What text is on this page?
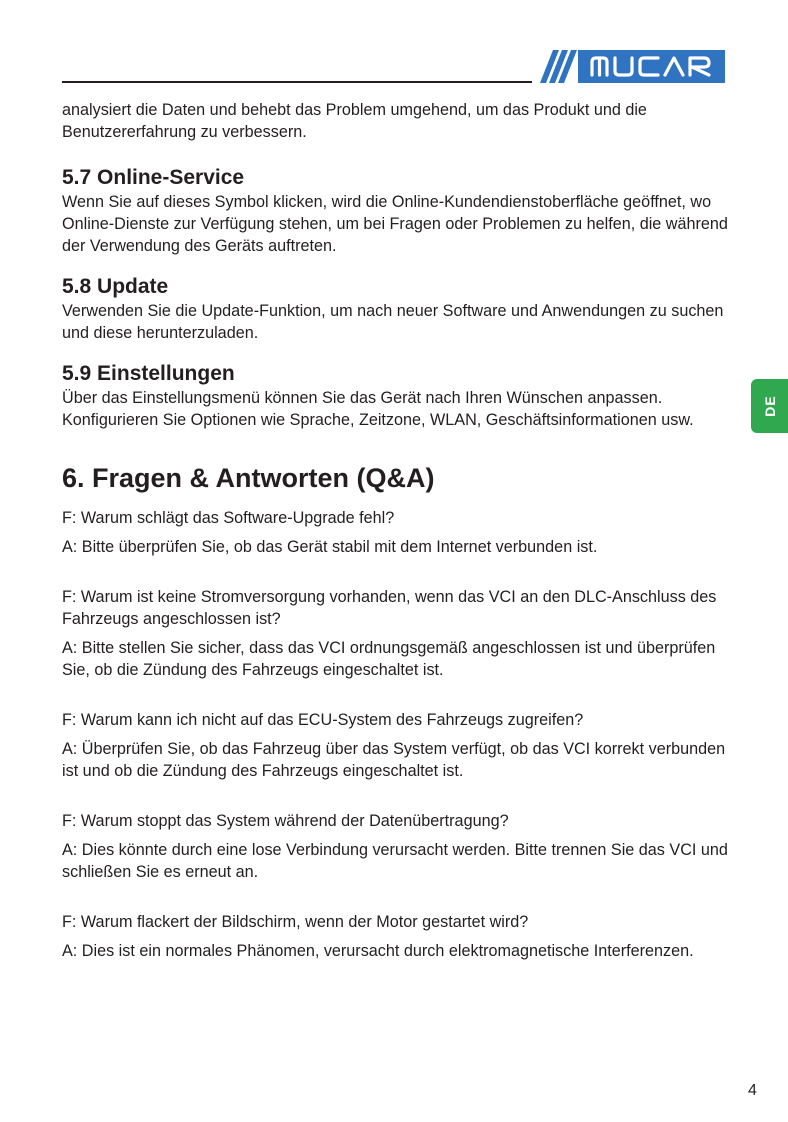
MUCAR

analysiert die Daten und behebt das Problem umgehend, um das Produkt und die Benutzererfahrung zu verbessern.

5.7 Online-Service

Wenn Sie auf dieses Symbol klicken, wird die Online-Kundendienstoberfläche geöffnet, wo Online-Dienste zur Verfügung stehen, um bei Fragen oder Problemen zu helfen, die während der Verwendung des Geräts auftreten.

5.8 Update

Verwenden Sie die Update-Funktion, um nach neuer Software und Anwendungen zu suchen und diese herunterzuladen.

5.9 Einstellungen

Über das Einstellungsmenü können Sie das Gerät nach Ihren Wünschen anpassen. Konfigurieren Sie Optionen wie Sprache, Zeitzone, WLAN, Geschäftsinformationen usw.

6. Fragen & Antworten (Q&A)

F: Warum schlägt das Software-Upgrade fehl?

A: Bitte überprüfen Sie, ob das Gerät stabil mit dem Internet verbunden ist.

F: Warum ist keine Stromversorgung vorhanden, wenn das VCI an den DLC-Anschluss des Fahrzeugs angeschlossen ist?

A: Bitte stellen Sie sicher, dass das VCI ordnungsgemäß angeschlossen ist und überprüfen Sie, ob die Zündung des Fahrzeugs eingeschaltet ist.

F: Warum kann ich nicht auf das ECU-System des Fahrzeugs zugreifen?

A: Überprüfen Sie, ob das Fahrzeug über das System verfügt, ob das VCI korrekt verbunden ist und ob die Zündung des Fahrzeugs eingeschaltet ist.

F: Warum stoppt das System während der Datenübertragung?

A: Dies könnte durch eine lose Verbindung verursacht werden. Bitte trennen Sie das VCI und schließen Sie es erneut an.

F: Warum flackert der Bildschirm, wenn der Motor gestartet wird?

A: Dies ist ein normales Phänomen, verursacht durch elektromagnetische Interferenzen.

DE
4
